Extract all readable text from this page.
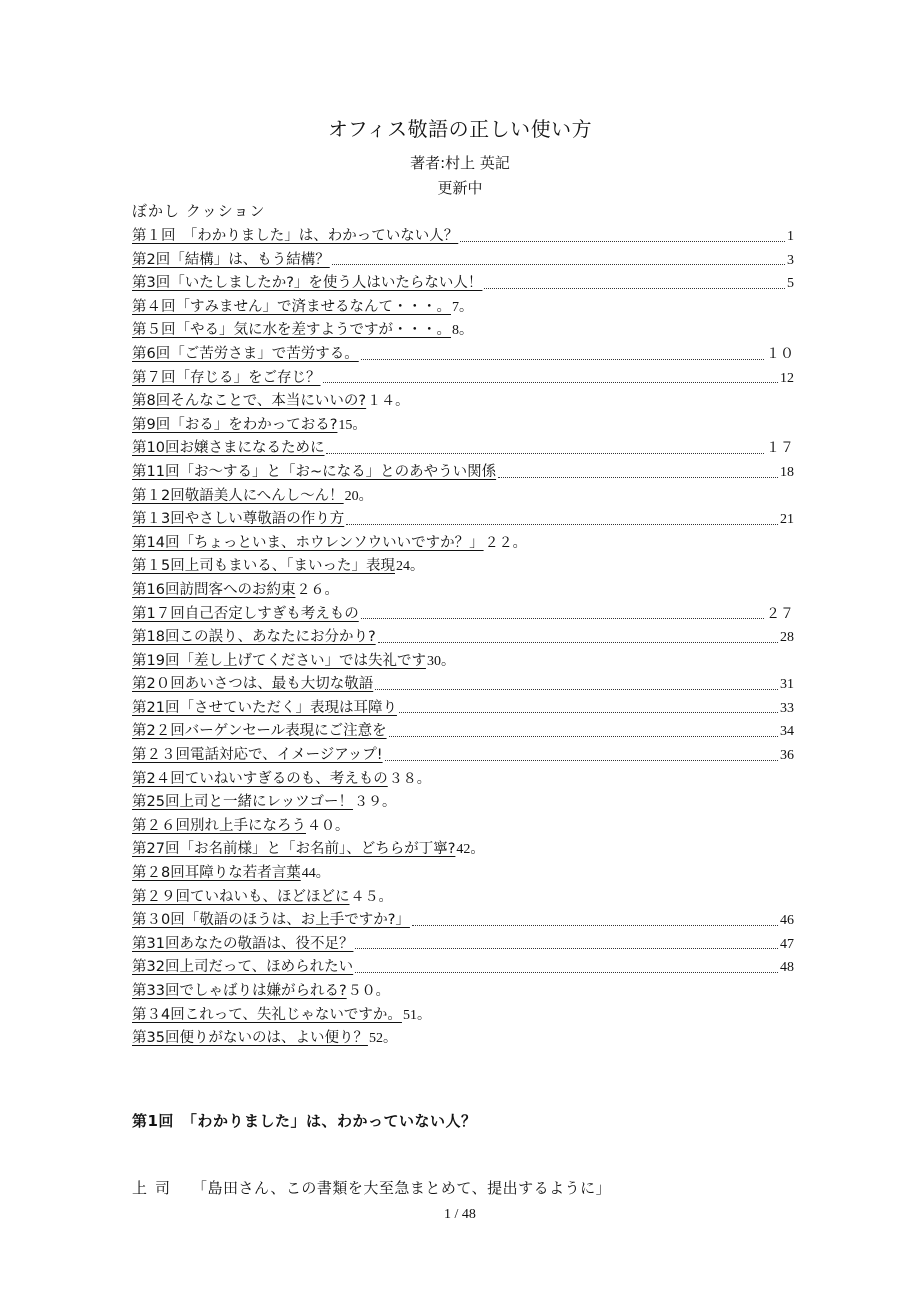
オフィス敬語の正しい使い方
著者:村上 英記
更新中
ぼかし クッション
第１回　「わかりました」は、わかっていない人？	1
第2回「結構」は、もう結構？	3
第3回「いたしましたか?」を使う人はいたらない人！	5
第４回「すみません」で済ませるなんて・・・。 7。
第５回「やる」気に水を差すようですが・・・。 8。
第6回「ご苦労さま」で苦労する。	１０
第７回「存じる」をご存じ？	12
第8回そんなことで、本当にいいの? １４。
第9回「おる」をわかっておる? 15。
第10回お嬢さまになるために	１７
第11回「お～する」と「お~になる」とのあやうい関係	18
第１2回敬語美人にへんし～ん！ 20。
第１3回やさしい尊敬語の作り方	21
第14回「ちょっといま、ホウレンソウいいですか？」 ２２。
第１5回上司もまいる、「まいった」表現 24。
第16回訪問客へのお約束 ２６。
第1７回自己否定しすぎも考えもの	２７
第18回この誤り、あなたにお分かり?	28
第19回「差し上げてください」では失礼です 30。
第2０回あいさつは、最も大切な敬語	31
第21回「させていただく」表現は耳障り	33
第2２回バーゲンセール表現にご注意を	34
第２３回電話対応で、イメージアップ!	36
第2４回ていねいすぎるのも、考えもの ３８。
第25回上司と一緒にレッツゴー！ ３９。
第２６回別れ上手になろう ４０。
第27回「お名前様」と「お名前」、どちらが丁寧? 42。
第２8回耳障りな若者言葉 44。
第２９回ていねいも、ほどほどに ４５。
第３0回「敬語のほうは、お上手ですか?」	46
第31回あなたの敬語は、役不足？	47
第32回上司だって、ほめられたい	48
第33回でしゃばりは嫌がられる? ５０。
第３4回これって、失礼じゃないですか。 51。
第35回便りがないのは、よい便り？ 52。
第1回　「わかりました」は、わかっていない人？
上司 「島田さん、この書類を大至急まとめて、提出するように」
1 / 48
